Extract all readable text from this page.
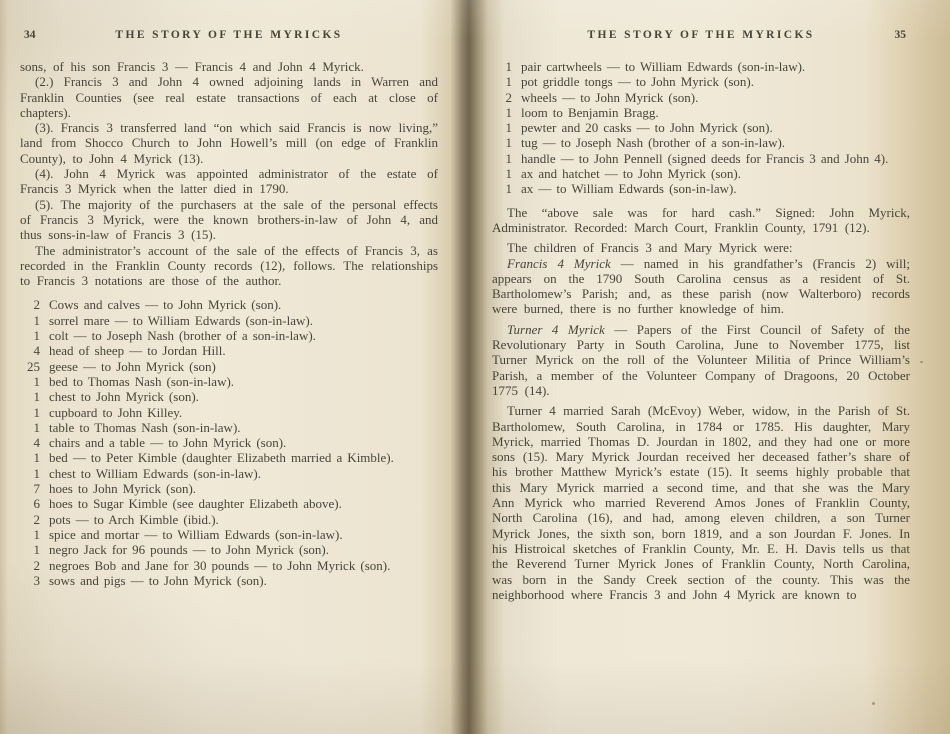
34	THE STORY OF THE MYRICKS

sons, of his son Francis 3 — Francis 4 and John 4 Myrick.

(2.) Francis 3 and John 4 owned adjoining lands in Warren and Franklin Counties (see real estate transactions of each at close of chapters).

(3). Francis 3 transferred land “on which said Francis is now living,” land from Shocco Church to John Howell’s mill (on edge of Franklin County), to John 4 Myrick (13).

(4). John 4 Myrick was appointed administrator of the estate of Francis 3 Myrick when the latter died in 1790.

(5). The majority of the purchasers at the sale of the personal effects of Francis 3 Myrick, were the known brothers-in-law of John 4, and thus sons-in-law of Francis 3 (15).

The administrator’s account of the sale of the effects of Francis 3, as recorded in the Franklin County records (12), follows. The relationships to Francis 3 notations are those of the author.

2 Cows and calves — to John Myrick (son).
1 sorrel mare — to William Edwards (son-in-law).
1 colt — to Joseph Nash (brother of a son-in-law).
4 head of sheep — to Jordan Hill.
25 geese — to John Myrick (son)
1 bed to Thomas Nash (son-in-law).
1 chest to John Myrick (son).
1 cupboard to John Killey.
1 table to Thomas Nash (son-in-law).
4 chairs and a table — to John Myrick (son).
1 bed — to Peter Kimble (daughter Elizabeth married a Kimble).
1 chest to William Edwards (son-in-law).
7 hoes to John Myrick (son).
6 hoes to Sugar Kimble (see daughter Elizabeth above).
2 pots — to Arch Kimble (ibid.).
1 spice and mortar — to William Edwards (son-in-law).
1 negro Jack for 96 pounds — to John Myrick (son).
2 negroes Bob and Jane for 30 pounds — to John Myrick (son).
3 sows and pigs — to John Myrick (son).
THE STORY OF THE MYRICKS	35
1 pair cartwheels — to William Edwards (son-in-law).
1 pot griddle tongs — to John Myrick (son).
2 wheels — to John Myrick (son).
1 loom to Benjamin Bragg.
1 pewter and 20 casks — to John Myrick (son).
1 tug — to Joseph Nash (brother of a son-in-law).
1 handle — to John Pennell (signed deeds for Francis 3 and John 4).
1 ax and hatchet — to John Myrick (son).
1 ax — to William Edwards (son-in-law).

The “above sale was for hard cash.” Signed: John Myrick, Administrator. Recorded: March Court, Franklin County, 1791 (12).

The children of Francis 3 and Mary Myrick were:

Francis 4 Myrick — named in his grandfather’s (Francis 2) will; appears on the 1790 South Carolina census as a resident of St. Bartholomew’s Parish; and, as these parish (now Walterboro) records were burned, there is no further knowledge of him.

Turner 4 Myrick — Papers of the First Council of Safety of the Revolutionary Party in South Carolina, June to November 1775, list Turner Myrick on the roll of the Volunteer Militia of Prince William’s Parish, a member of the Volunteer Company of Dragoons, 20 October 1775 (14).

Turner 4 married Sarah (McEvoy) Weber, widow, in the Parish of St. Bartholomew, South Carolina, in 1784 or 1785. His daughter, Mary Myrick, married Thomas D. Jourdan in 1802, and they had one or more sons (15). Mary Myrick Jourdan received her deceased father’s share of his brother Matthew Myrick’s estate (15). It seems highly probable that this Mary Myrick married a second time, and that she was the Mary Ann Myrick who married Reverend Amos Jones of Franklin County, North Carolina (16), and had, among eleven children, a son Turner Myrick Jones, the sixth son, born 1819, and a son Jourdan F. Jones. In his Histroical sketches of Franklin County, Mr. E. H. Davis tells us that the Reverend Turner Myrick Jones of Franklin County, North Carolina, was born in the Sandy Creek section of the county. This was the neighborhood where Francis 3 and John 4 Myrick are known to
